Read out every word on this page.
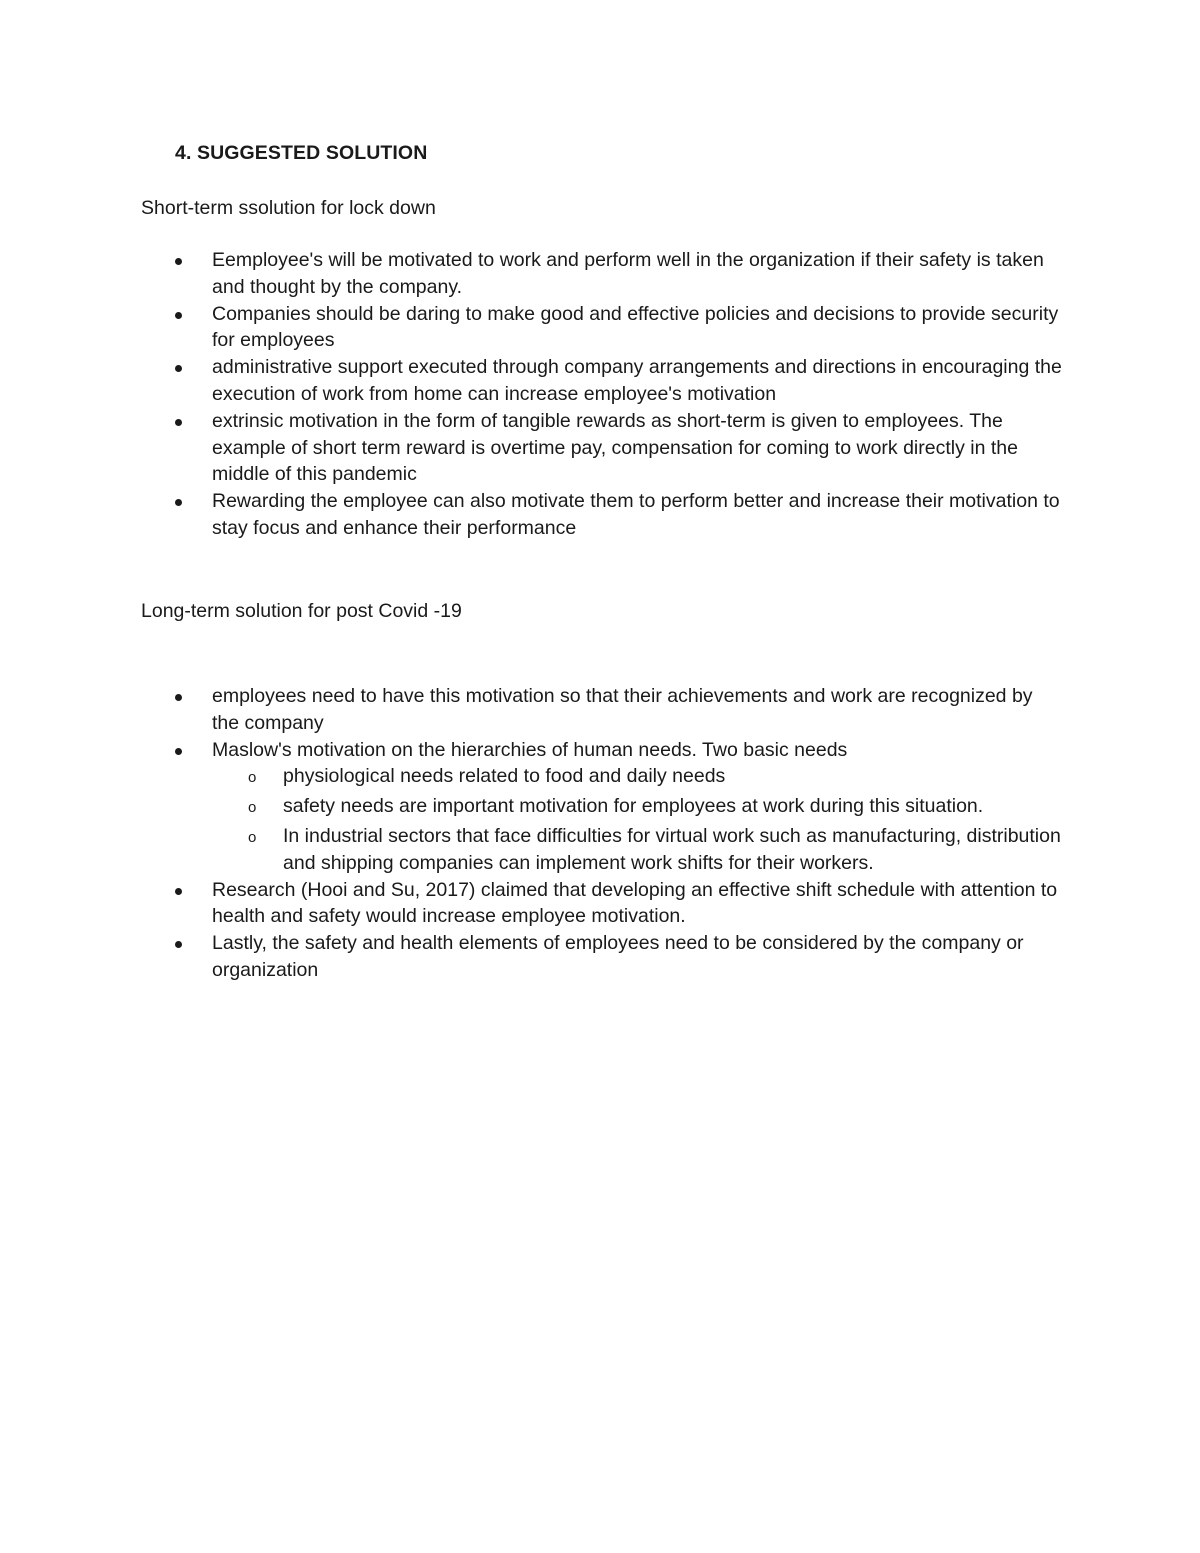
4. SUGGESTED SOLUTION
Short-term ssolution for lock down
Eemployee's will be motivated to work and perform well in the organization if their safety is taken and thought by the company.
Companies should be daring to make good and effective policies and decisions to provide security for employees
administrative support executed through company arrangements and directions in encouraging the execution of work from home can increase employee's motivation
extrinsic motivation in the form of tangible rewards as short-term is given to employees. The example of short term reward is overtime pay, compensation for coming to work directly in the middle of this pandemic
Rewarding the employee can also motivate them to perform better and increase their motivation to stay focus and enhance their performance
Long-term solution for post Covid -19
employees need to have this motivation so that their achievements and work are recognized by the company
Maslow's motivation on the hierarchies of human needs. Two basic needs
o physiological needs related to food and daily needs
o safety needs are important motivation for employees at work during this situation.
o In industrial sectors that face difficulties for virtual work such as manufacturing, distribution and shipping companies can implement work shifts for their workers.
Research (Hooi and Su, 2017) claimed that developing an effective shift schedule with attention to health and safety would increase employee motivation.
Lastly, the safety and health elements of employees need to be considered by the company or organization
